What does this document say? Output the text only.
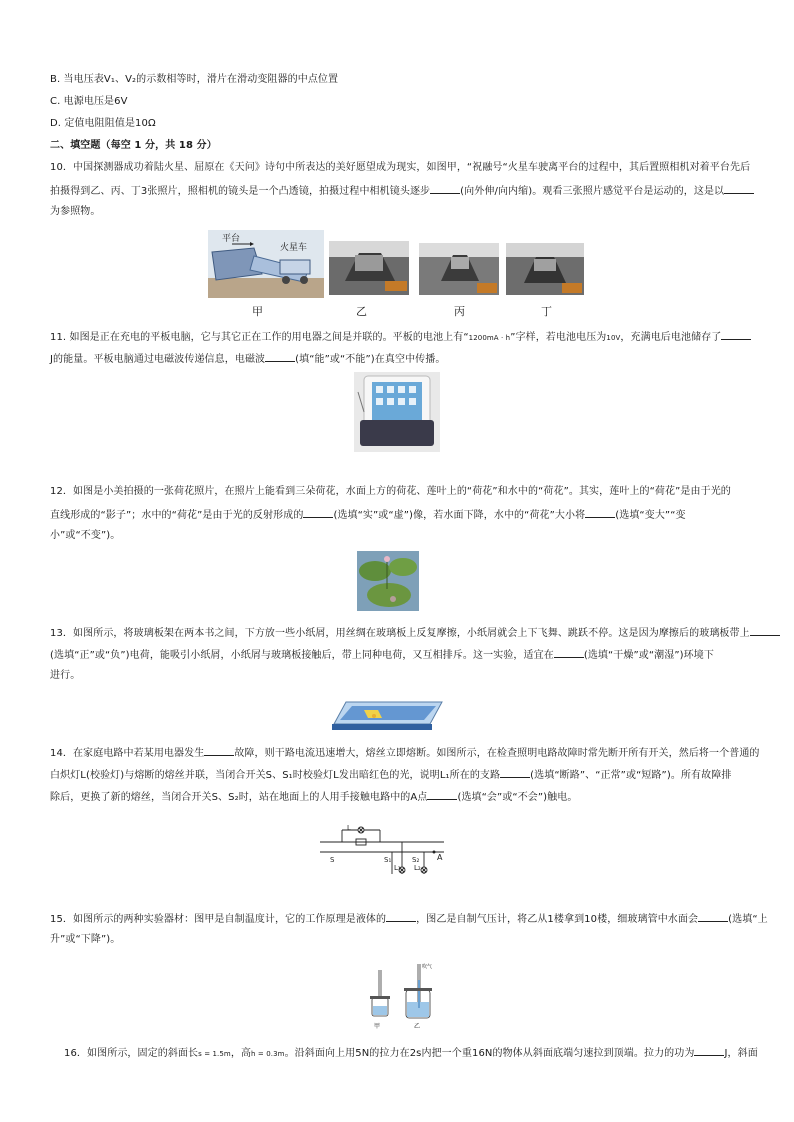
B. 当电压表V₁、V₂的示数相等时，滑片在滑动变阻器的中点位置
C. 电源电压是6V
D. 定值电阻阻值是10Ω
二、填空题（每空 1 分，共 18 分）
10．中国探测器成功着陆火星、屈原在《天问》诗句中所表达的美好愿望成为现实，如图甲，“祝融号“火星车驶离平台的过程中，其后置照相机对着平台先后
拍摄得到乙、丙、丁3张照片，照相机的镜头是一个凸透镜，拍摄过程中相机镜头逐步	(向外伸/向内缩)。观看三张照片感觉平台是运动的，这是以
为参照物。
平台
火星车
甲	乙	丙	丁
11. 如图是正在充电的平板电脑，它与其它正在工作的用电器之间是并联的。平板的电池上有“1200mA · h”字样，若电池电压为10V，充满电后电池储存了
J的能量。平板电脑通过电磁波传递信息，电磁波	(填“能”或“不能”)在真空中传播。
12．如图是小美拍摄的一张荷花照片，在照片上能看到三朵荷花，水面上方的荷花、莲叶上的“荷花”和水中的“荷花”。其实，莲叶上的“荷花”是由于光的
直线形成的“影子”；水中的“荷花”是由于光的反射形成的	(选填“实”或“虚”)像，若水面下降，水中的“荷花”大小将	(选填“变大”“变
小”或“不变”)。
13．如图所示，将玻璃板架在两本书之间，下方放一些小纸屑，用丝绸在玻璃板上反复摩擦，小纸屑就会上下飞舞、跳跃不停。这是因为摩擦后的玻璃板带上
(选填“正”或“负”)电荷，能吸引小纸屑，小纸屑与玻璃板接触后，带上同种电荷，又互相排斥。这一实验，适宜在	(选填“干燥”或“潮湿”)环境下
进行。
14．在家庭电路中若某用电器发生	故障，则干路电流迅速增大，熔丝立即熔断。如图所示，在检查照明电路故障时常先断开所有开关，然后将一个普通的
白炽灯L(校验灯)与熔断的熔丝并联，当闭合开关S、S₁时校验灯L发出暗红色的光，说明L₁所在的支路	(选填“断路”、“正常”或“短路”)。所有故障排
除后，更换了新的熔丝，当闭合开关S、S₂时，站在地面上的人用手接触电路中的A点	(选填“会”或“不会”)触电。
L
S	S₁
L₁
S₂
L₂
A
15．如图所示的两种实验器材：图甲是自制温度计，它的工作原理是液体的	，图乙是自制气压计，将乙从1楼拿到10楼，细玻璃管中水面会	(选填“上
升”或“下降”)。
甲	乙
吹气
16．如图所示，固定的斜面长s = 1.5m，高h = 0.3m。沿斜面向上用5N的拉力在2s内把一个重16N的物体从斜面底端匀速拉到顶端。拉力的功为	J，斜面
